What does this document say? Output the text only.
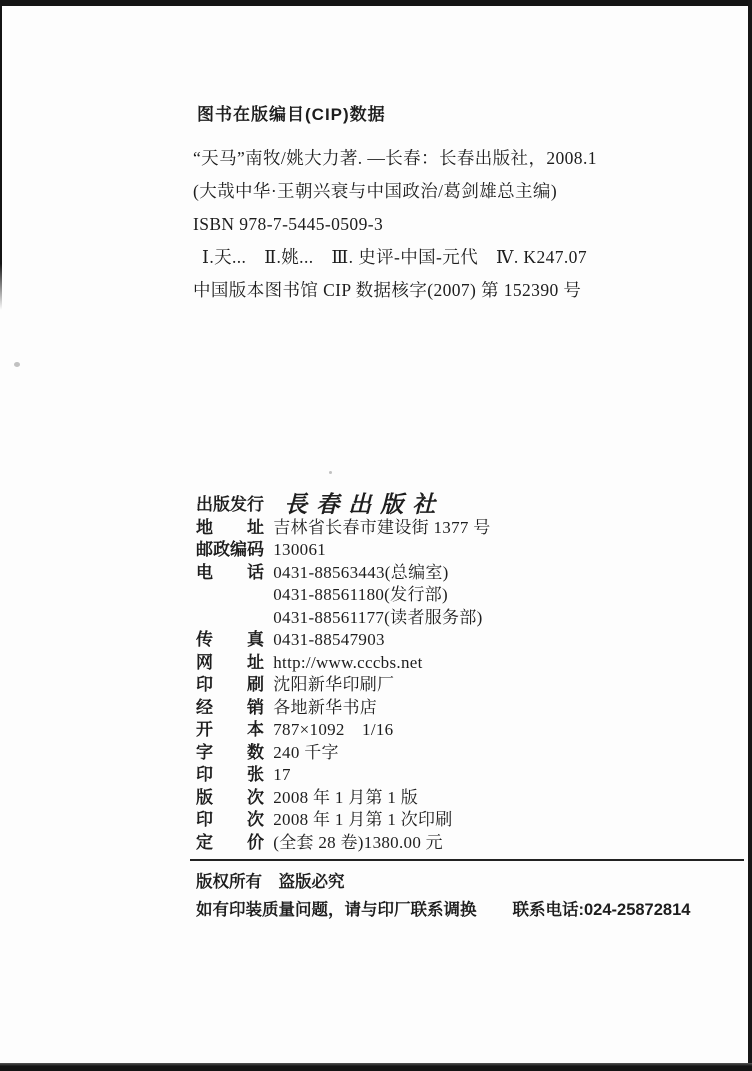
图书在版编目(CIP)数据
“天马”南牧/姚大力著. —长春：长春出版社，2008.1
(大哉中华·王朝兴衰与中国政治/葛剑雄总主编)
ISBN 978-7-5445-0509-3
Ⅰ.天...　Ⅱ.姚...　Ⅲ. 史评-中国-元代　Ⅳ. K247.07
中国版本图书馆 CIP 数据核字(2007) 第 152390 号
出版发行 長春出版社
地址 吉林省长春市建设街 1377 号
邮政编码 130061
电话 0431-88563443(总编室)
0431-88561180(发行部)
0431-88561177(读者服务部)
传真 0431-88547903
网址 http://www.cccbs.net
印刷 沈阳新华印刷厂
经销 各地新华书店
开本 787×1092　1/16
字数 240 千字
印张 17
版次 2008 年 1 月第 1 版
印次 2008 年 1 月第 1 次印刷
定价 (全套 28 卷)1380.00 元
版权所有　盗版必究
如有印装质量问题，请与印厂联系调换 联系电话:024-25872814
